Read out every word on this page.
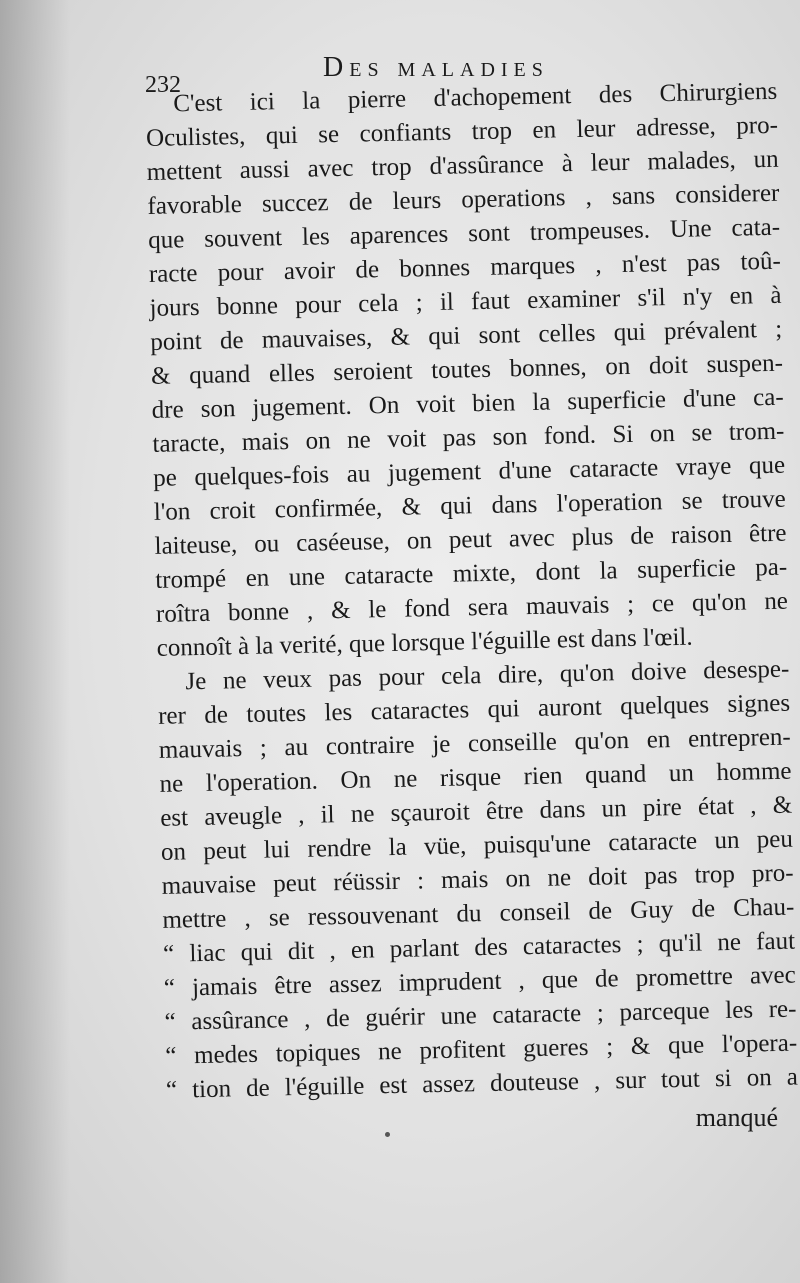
232
Des maladies
C'est ici la pierre d'achopement des Chirurgiens
Oculistes, qui se confiants trop en leur adresse, pro-
mettent aussi avec trop d'assûrance à leur malades, un
favorable succez de leurs operations , sans considerer
que souvent les aparences sont trompeuses. Une cata-
racte pour avoir de bonnes marques , n'est pas toû-
jours bonne pour cela ; il faut examiner s'il n'y en à
point de mauvaises, & qui sont celles qui prévalent ;
& quand elles seroient toutes bonnes, on doit suspen-
dre son jugement. On voit bien la superficie d'une ca-
taracte, mais on ne voit pas son fond. Si on se trom-
pe quelques-fois au jugement d'une cataracte vraye que
l'on croit confirmée, & qui dans l'operation se trouve
laiteuse, ou caséeuse, on peut avec plus de raison être
trompé en une cataracte mixte, dont la superficie pa-
roîtra bonne , & le fond sera mauvais ; ce qu'on ne
connoît à la verité, que lorsque l'éguille est dans l'œil.
Je ne veux pas pour cela dire, qu'on doive desespe-
rer de toutes les cataractes qui auront quelques signes
mauvais ; au contraire je conseille qu'on en entrepren-
ne l'operation. On ne risque rien quand un homme
est aveugle , il ne sçauroit être dans un pire état , &
on peut lui rendre la vüe, puisqu'une cataracte un peu
mauvaise peut réüssir : mais on ne doit pas trop pro-
mettre , se ressouvenant du conseil de Guy de Chau-
“ liac qui dit , en parlant des cataractes ; qu'il ne faut
“ jamais être assez imprudent , que de promettre avec
“ assûrance , de guérir une cataracte ; parceque les re-
“ medes topiques ne profitent gueres ; & que l'opera-
“ tion de l'éguille est assez douteuse , sur tout si on a
manqué
